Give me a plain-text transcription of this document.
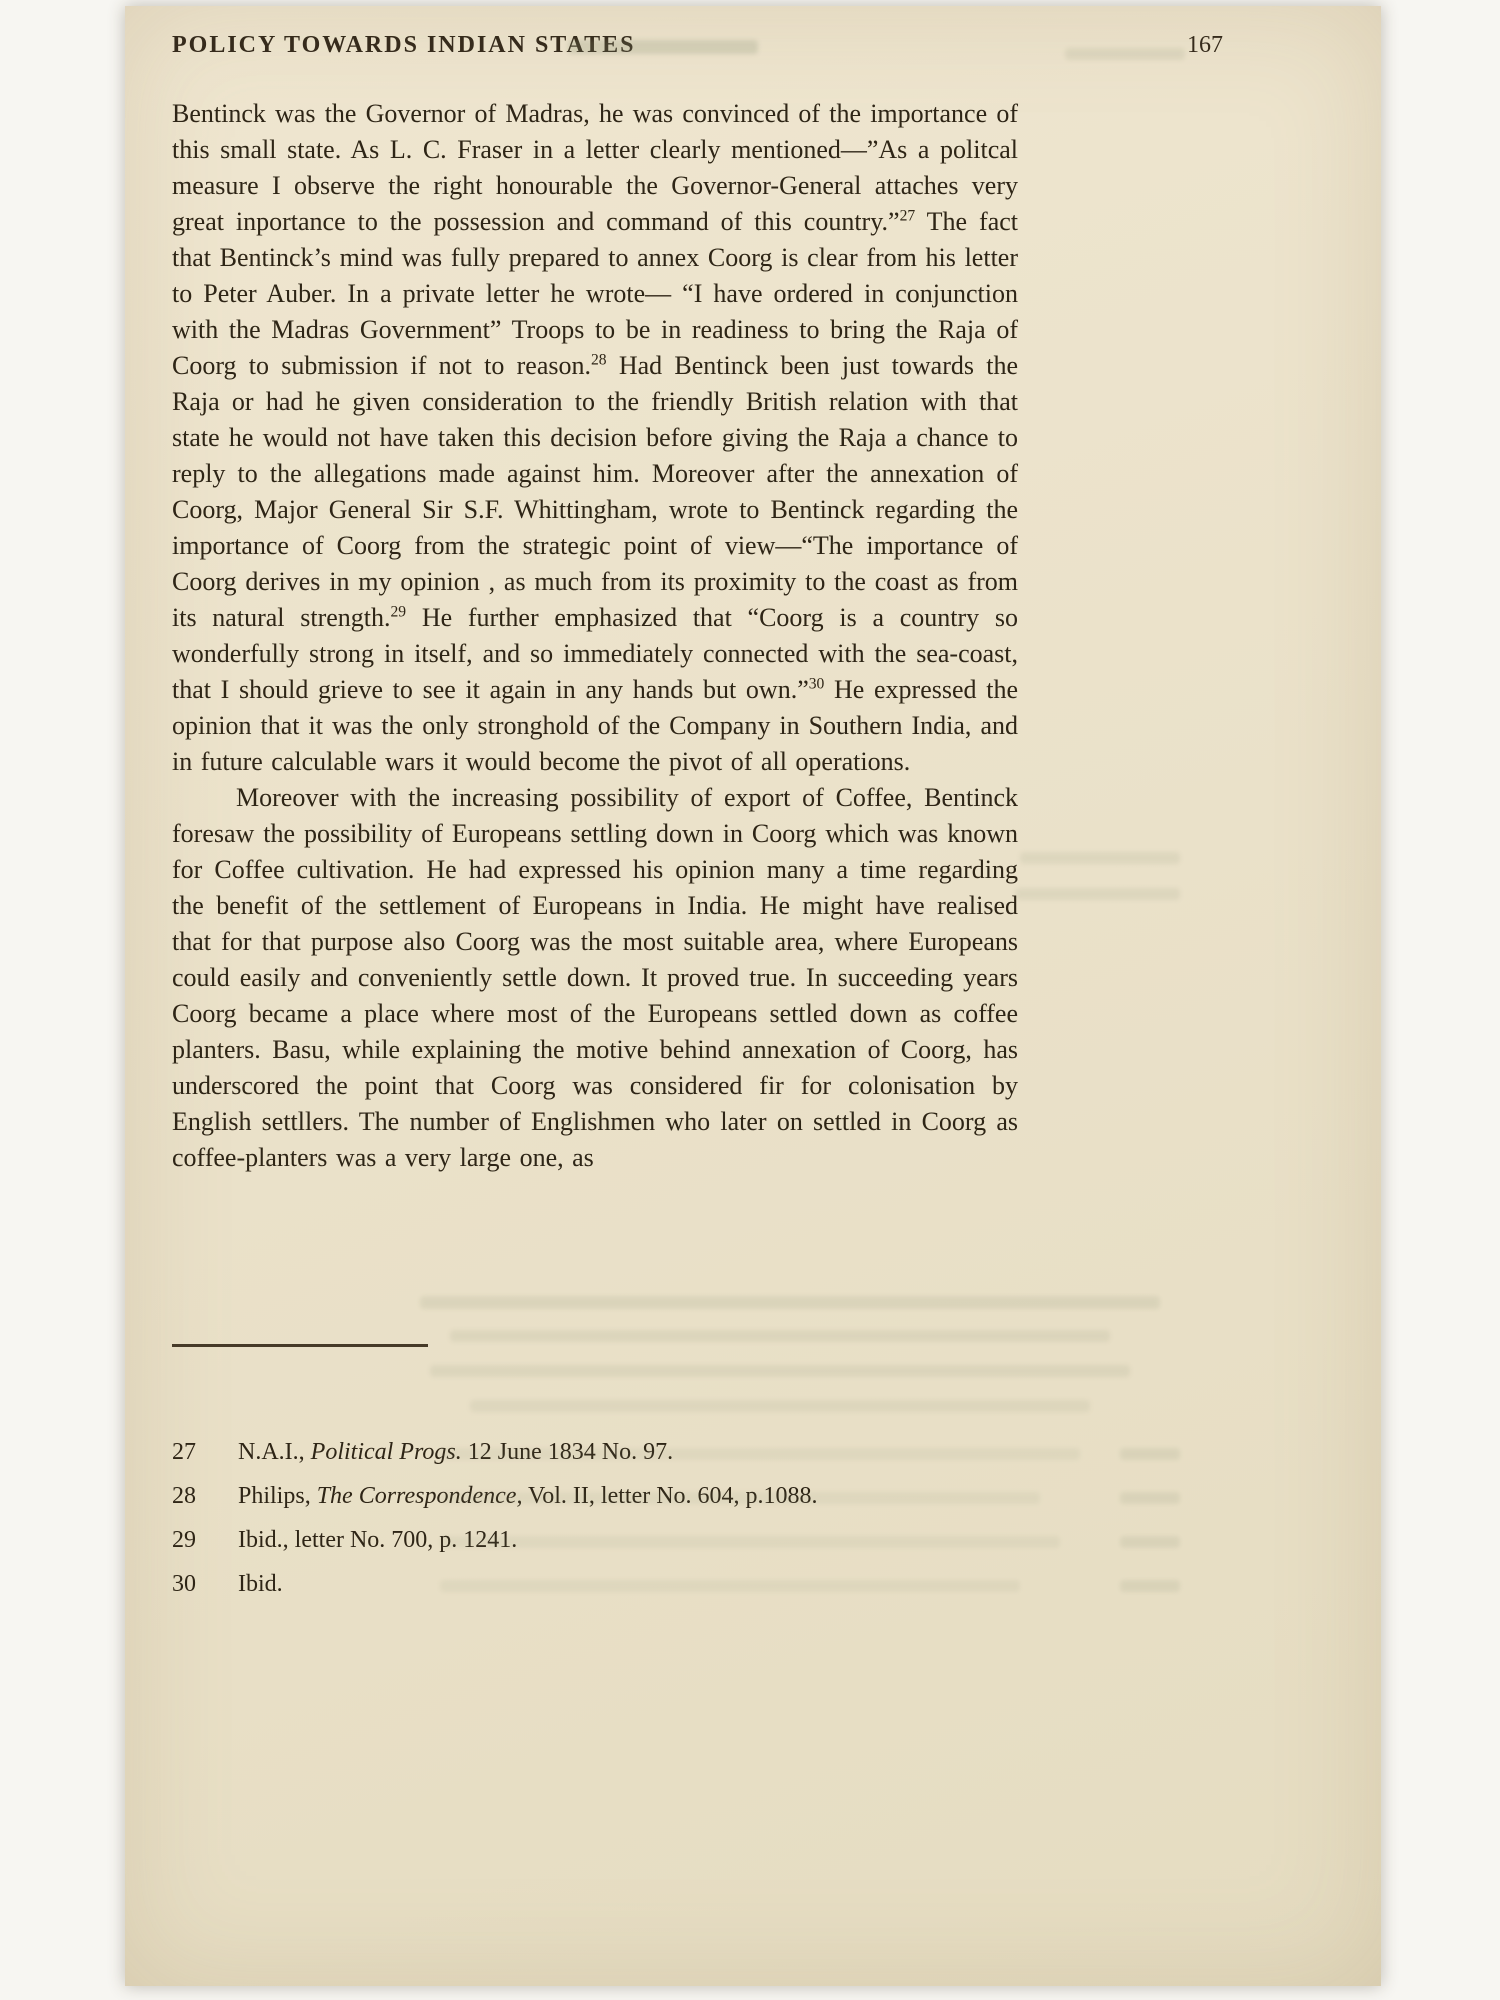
POLICY TOWARDS INDIAN STATES	167

Bentinck was the Governor of Madras, he was convinced of the importance of this small state. As L. C. Fraser in a letter clearly mentioned—”As a politcal measure I observe the right honourable the Governor-General attaches very great inportance to the possession and command of this country.”$^{27}$ The fact that Bentinck’s mind was fully prepared to annex Coorg is clear from his letter to Peter Auber. In a private letter he wrote— “I have ordered in conjunction with the Madras Government” Troops to be in readiness to bring the Raja of Coorg to submission if not to reason.$^{28}$ Had Bentinck been just towards the Raja or had he given consideration to the friendly British relation with that state he would not have taken this decision before giving the Raja a chance to reply to the allegations made against him. Moreover after the annexation of Coorg, Major General Sir S.F. Whittingham, wrote to Bentinck regarding the importance of Coorg from the strategic point of view—“The importance of Coorg derives in my opinion , as much from its proximity to the coast as from its natural strength.$^{29}$ He further emphasized that “Coorg is a country so wonderfully strong in itself, and so immediately connected with the sea-coast, that I should grieve to see it again in any hands but own.”$^{30}$ He expressed the opinion that it was the only stronghold of the Company in Southern India, and in future calculable wars it would become the pivot of all operations.

Moreover with the increasing possibility of export of Coffee, Bentinck foresaw the possibility of Europeans settling down in Coorg which was known for Coffee cultivation. He had expressed his opinion many a time regarding the benefit of the settlement of Europeans in India. He might have realised that for that purpose also Coorg was the most suitable area, where Europeans could easily and conveniently settle down. It proved true. In succeeding years Coorg became a place where most of the Europeans settled down as coffee planters. Basu, while explaining the motive behind annexation of Coorg, has underscored the point that Coorg was considered fir for colonisation by English settllers. The number of Englishmen who later on settled in Coorg as coffee-planters was a very large one, as

27	N.A.I., Political Progs. 12 June 1834 No. 97.
28	Philips, The Correspondence, Vol. II, letter No. 604, p.1088.
29	Ibid., letter No. 700, p. 1241.
30	Ibid.
